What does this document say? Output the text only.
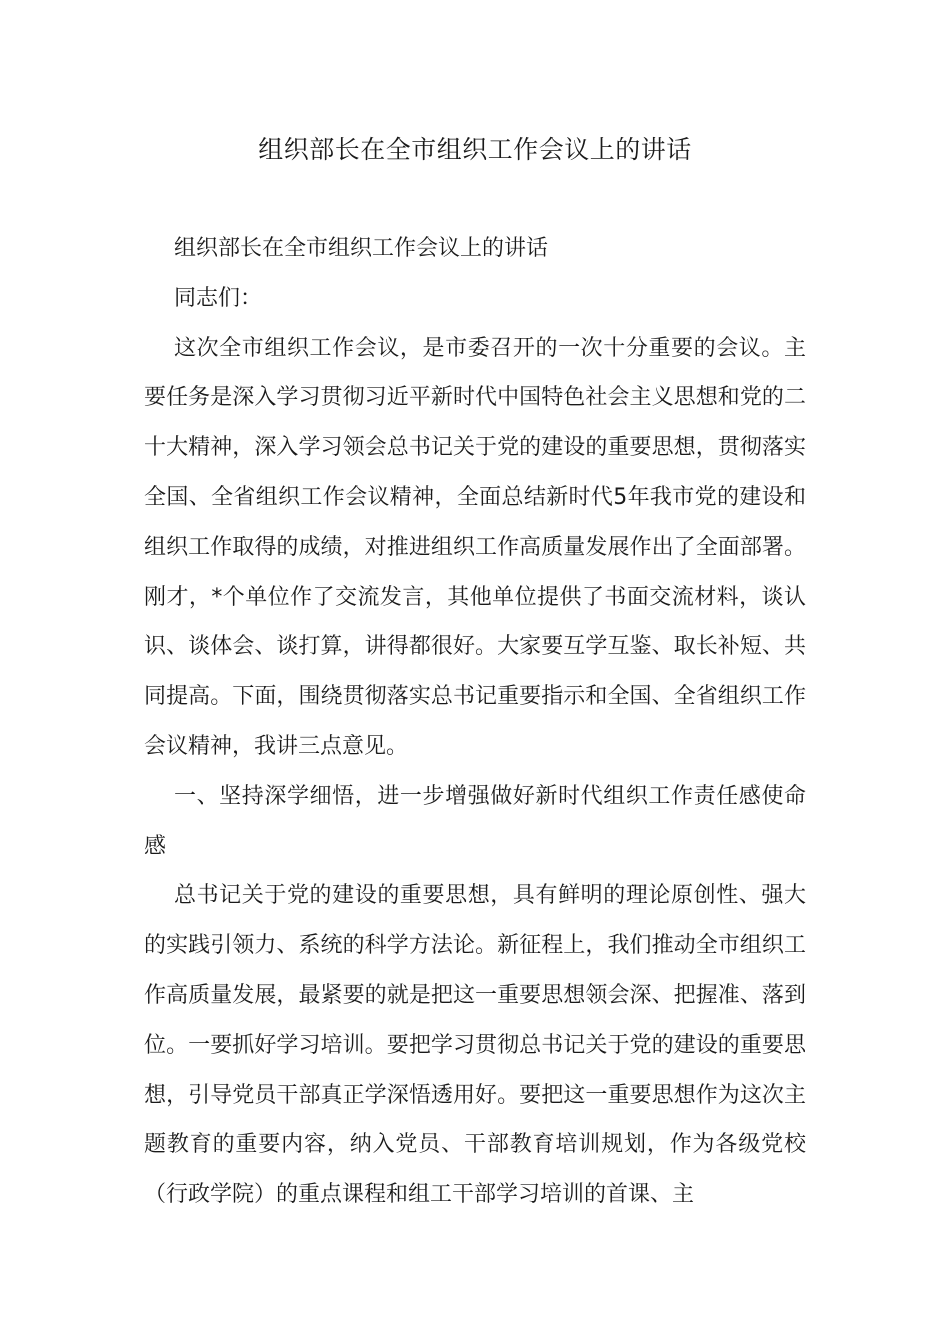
组织部长在全市组织工作会议上的讲话

组织部长在全市组织工作会议上的讲话

同志们：

这次全市组织工作会议，是市委召开的一次十分重要的会议。主要任务是深入学习贯彻习近平新时代中国特色社会主义思想和党的二十大精神，深入学习领会总书记关于党的建设的重要思想，贯彻落实全国、全省组织工作会议精神，全面总结新时代5年我市党的建设和组织工作取得的成绩，对推进组织工作高质量发展作出了全面部署。刚才，*个单位作了交流发言，其他单位提供了书面交流材料，谈认识、谈体会、谈打算，讲得都很好。大家要互学互鉴、取长补短、共同提高。下面，围绕贯彻落实总书记重要指示和全国、全省组织工作会议精神，我讲三点意见。

一、坚持深学细悟，进一步增强做好新时代组织工作责任感使命感

总书记关于党的建设的重要思想，具有鲜明的理论原创性、强大的实践引领力、系统的科学方法论。新征程上，我们推动全市组织工作高质量发展，最紧要的就是把这一重要思想领会深、把握准、落到位。一要抓好学习培训。要把学习贯彻总书记关于党的建设的重要思想，引导党员干部真正学深悟透用好。要把这一重要思想作为这次主题教育的重要内容，纳入党员、干部教育培训规划，作为各级党校（行政学院）的重点课程和组工干部学习培训的首课、主
